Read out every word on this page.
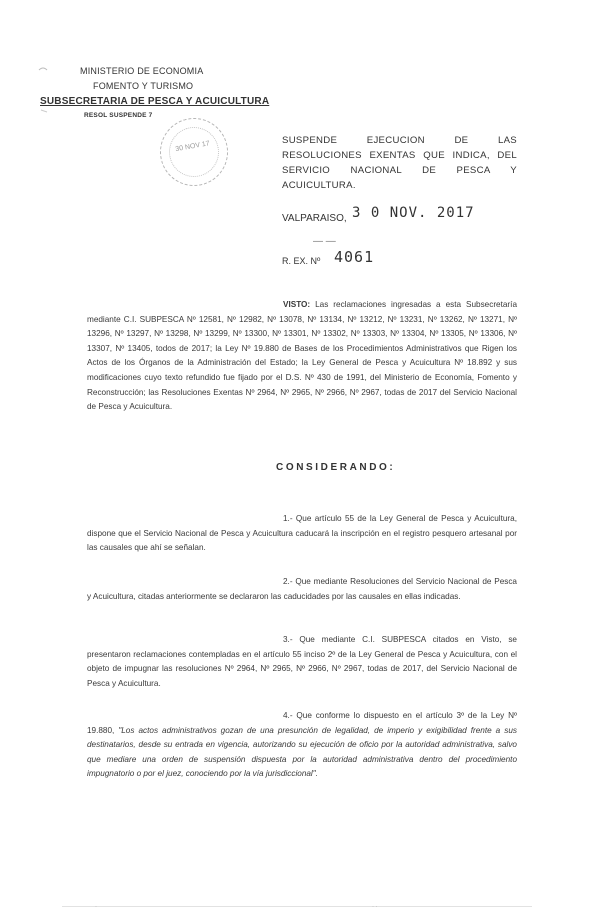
MINISTERIO DE ECONOMIA
FOMENTO Y TURISMO
SUBSECRETARIA DE PESCA Y ACUICULTURA
RESOL SUSPENDE 7
30 NOV 17	SUSPENDE EJECUCION DE LAS RESOLUCIONES EXENTAS QUE INDICA, DEL SERVICIO NACIONAL DE PESCA Y ACUICULTURA.
VALPARAISO, 3 0 NOV. 2017
— —
R. EX. Nº 4061
VISTO: Las reclamaciones ingresadas a esta Subsecretaría mediante C.I. SUBPESCA Nº 12581, Nº 12982, Nº 13078, Nº 13134, Nº 13212, Nº 13231, Nº 13262, Nº 13271, Nº 13296, Nº 13297, Nº 13298, Nº 13299, Nº 13300, Nº 13301, Nº 13302, Nº 13303, Nº 13304, Nº 13305, Nº 13306, Nº 13307, Nº 13405, todos de 2017; la Ley Nº 19.880 de Bases de los Procedimientos Administrativos que Rigen los Actos de los Órganos de la Administración del Estado; la Ley General de Pesca y Acuicultura Nº 18.892 y sus modificaciones cuyo texto refundido fue fijado por el D.S. Nº 430 de 1991, del Ministerio de Economía, Fomento y Reconstrucción; las Resoluciones Exentas Nº 2964, Nº 2965, Nº 2966, Nº 2967, todas de 2017 del Servicio Nacional de Pesca y Acuicultura.
CONSIDERANDO:
1.- Que artículo 55 de la Ley General de Pesca y Acuicultura, dispone que el Servicio Nacional de Pesca y Acuicultura caducará la inscripción en el registro pesquero artesanal por las causales que ahí se señalan.
2.- Que mediante Resoluciones del Servicio Nacional de Pesca y Acuicultura, citadas anteriormente se declararon las caducidades por las causales en ellas indicadas.
3.- Que mediante C.I. SUBPESCA citados en Visto, se presentaron reclamaciones contempladas en el artículo 55 inciso 2º de la Ley General de Pesca y Acuicultura, con el objeto de impugnar las resoluciones Nº 2964, Nº 2965, Nº 2966, Nº 2967, todas de 2017, del Servicio Nacional de Pesca y Acuicultura.
4.- Que conforme lo dispuesto en el artículo 3º de la Ley Nº 19.880, "Los actos administrativos gozan de una presunción de legalidad, de imperio y exigibilidad frente a sus destinatarios, desde su entrada en vigencia, autorizando su ejecución de oficio por la autoridad administrativa, salvo que mediare una orden de suspensión dispuesta por la autoridad administrativa dentro del procedimiento impugnatorio o por el juez, conociendo por la vía jurisdiccional".
·	· ·
